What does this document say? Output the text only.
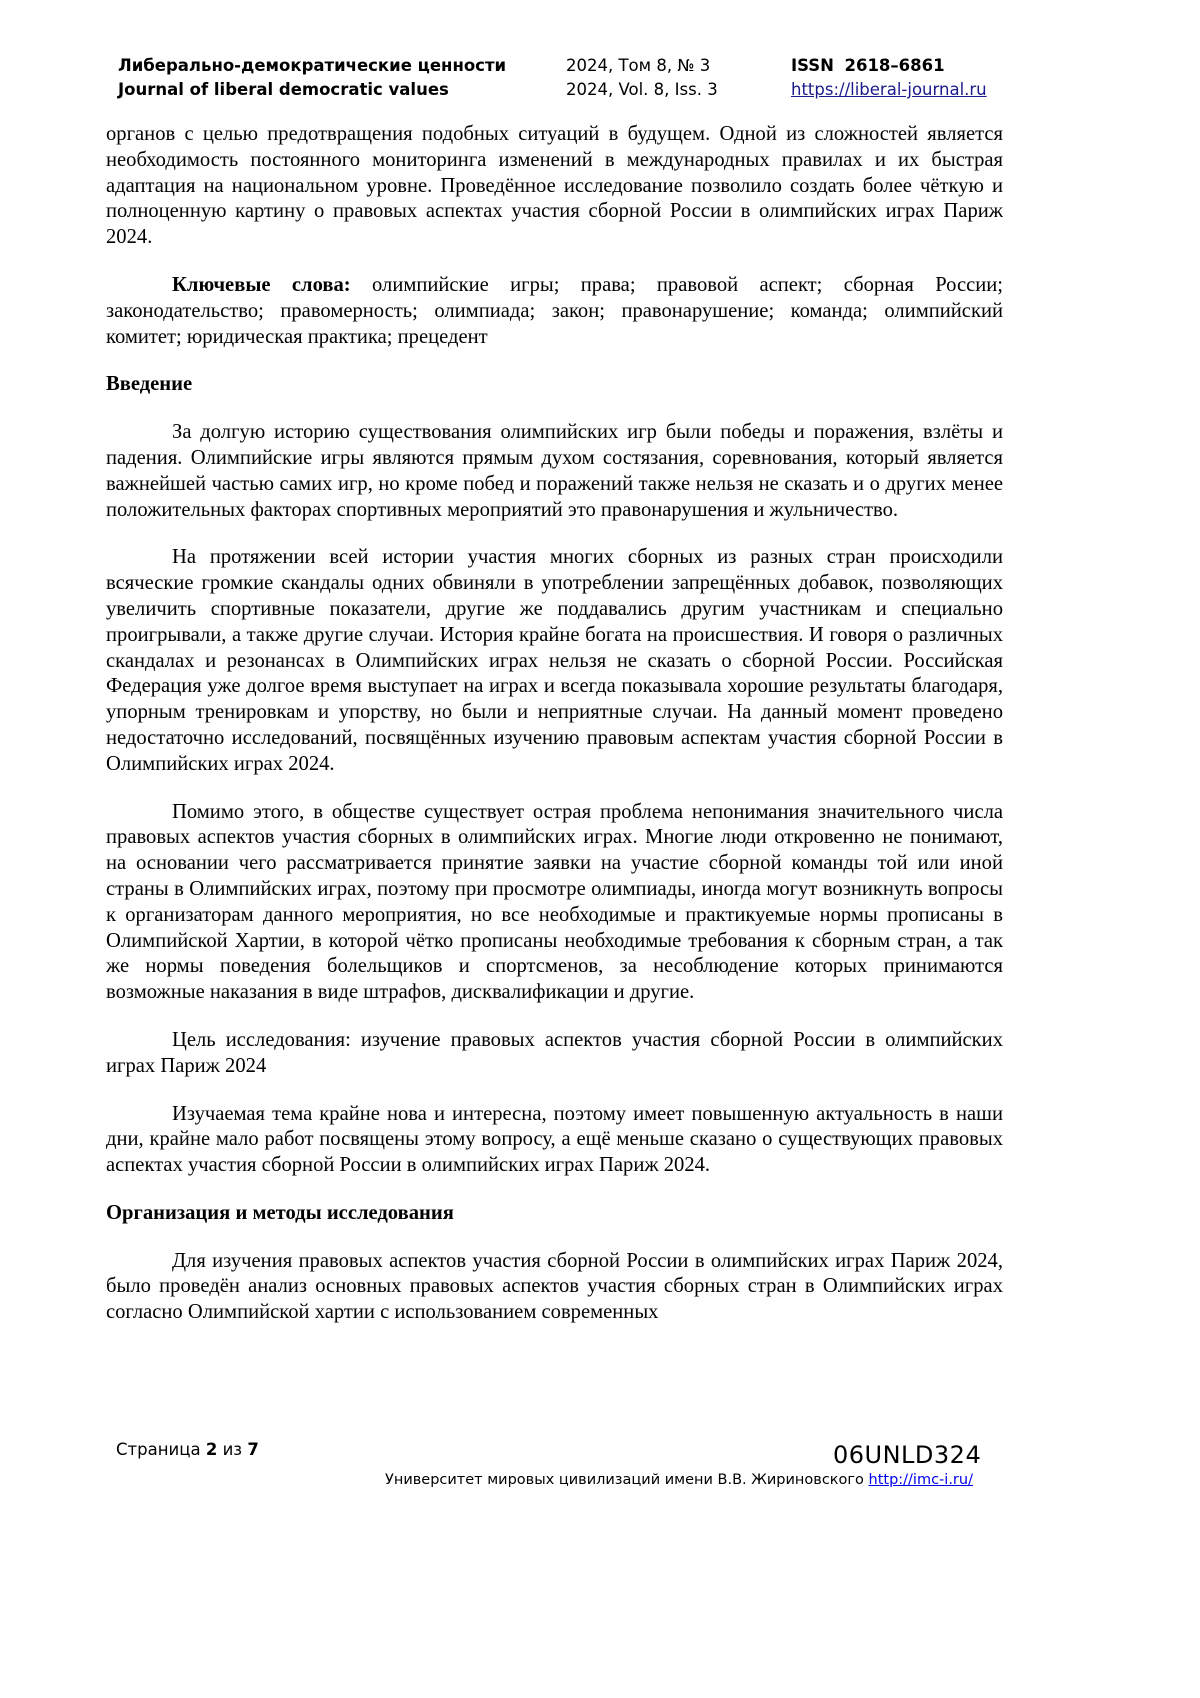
Либерально-демократические ценности
Journal of liberal democratic values
2024, Том 8, № 3
2024, Vol. 8, Iss. 3
ISSN 2618–6861
https://liberal-journal.ru

органов с целью предотвращения подобных ситуаций в будущем. Одной из сложностей является необходимость постоянного мониторинга изменений в международных правилах и их быстрая адаптация на национальном уровне. Проведённое исследование позволило создать более чёткую и полноценную картину о правовых аспектах участия сборной России в олимпийских играх Париж 2024.

Ключевые слова: олимпийские игры; права; правовой аспект; сборная России; законодательство; правомерность; олимпиада; закон; правонарушение; команда; олимпийский комитет; юридическая практика; прецедент

Введение

За долгую историю существования олимпийских игр были победы и поражения, взлёты и падения. Олимпийские игры являются прямым духом состязания, соревнования, который является важнейшей частью самих игр, но кроме побед и поражений также нельзя не сказать и о других менее положительных факторах спортивных мероприятий это правонарушения и жульничество.

На протяжении всей истории участия многих сборных из разных стран происходили всяческие громкие скандалы одних обвиняли в употреблении запрещённых добавок, позволяющих увеличить спортивные показатели, другие же поддавались другим участникам и специально проигрывали, а также другие случаи. История крайне богата на происшествия. И говоря о различных скандалах и резонансах в Олимпийских играх нельзя не сказать о сборной России. Российская Федерация уже долгое время выступает на играх и всегда показывала хорошие результаты благодаря, упорным тренировкам и упорству, но были и неприятные случаи. На данный момент проведено недостаточно исследований, посвящённых изучению правовым аспектам участия сборной России в Олимпийских играх 2024.

Помимо этого, в обществе существует острая проблема непонимания значительного числа правовых аспектов участия сборных в олимпийских играх. Многие люди откровенно не понимают, на основании чего рассматривается принятие заявки на участие сборной команды той или иной страны в Олимпийских играх, поэтому при просмотре олимпиады, иногда могут возникнуть вопросы к организаторам данного мероприятия, но все необходимые и практикуемые нормы прописаны в Олимпийской Хартии, в которой чётко прописаны необходимые требования к сборным стран, а так же нормы поведения болельщиков и спортсменов, за несоблюдение которых принимаются возможные наказания в виде штрафов, дисквалификации и другие.

Цель исследования: изучение правовых аспектов участия сборной России в олимпийских играх Париж 2024

Изучаемая тема крайне нова и интересна, поэтому имеет повышенную актуальность в наши дни, крайне мало работ посвящены этому вопросу, а ещё меньше сказано о существующих правовых аспектах участия сборной России в олимпийских играх Париж 2024.

Организация и методы исследования

Для изучения правовых аспектов участия сборной России в олимпийских играх Париж 2024, было проведён анализ основных правовых аспектов участия сборных стран в Олимпийских играх согласно Олимпийской хартии с использованием современных

Страница 2 из 7	06UNLD324
Университет мировых цивилизаций имени В.В. Жириновского http://imc-i.ru/
